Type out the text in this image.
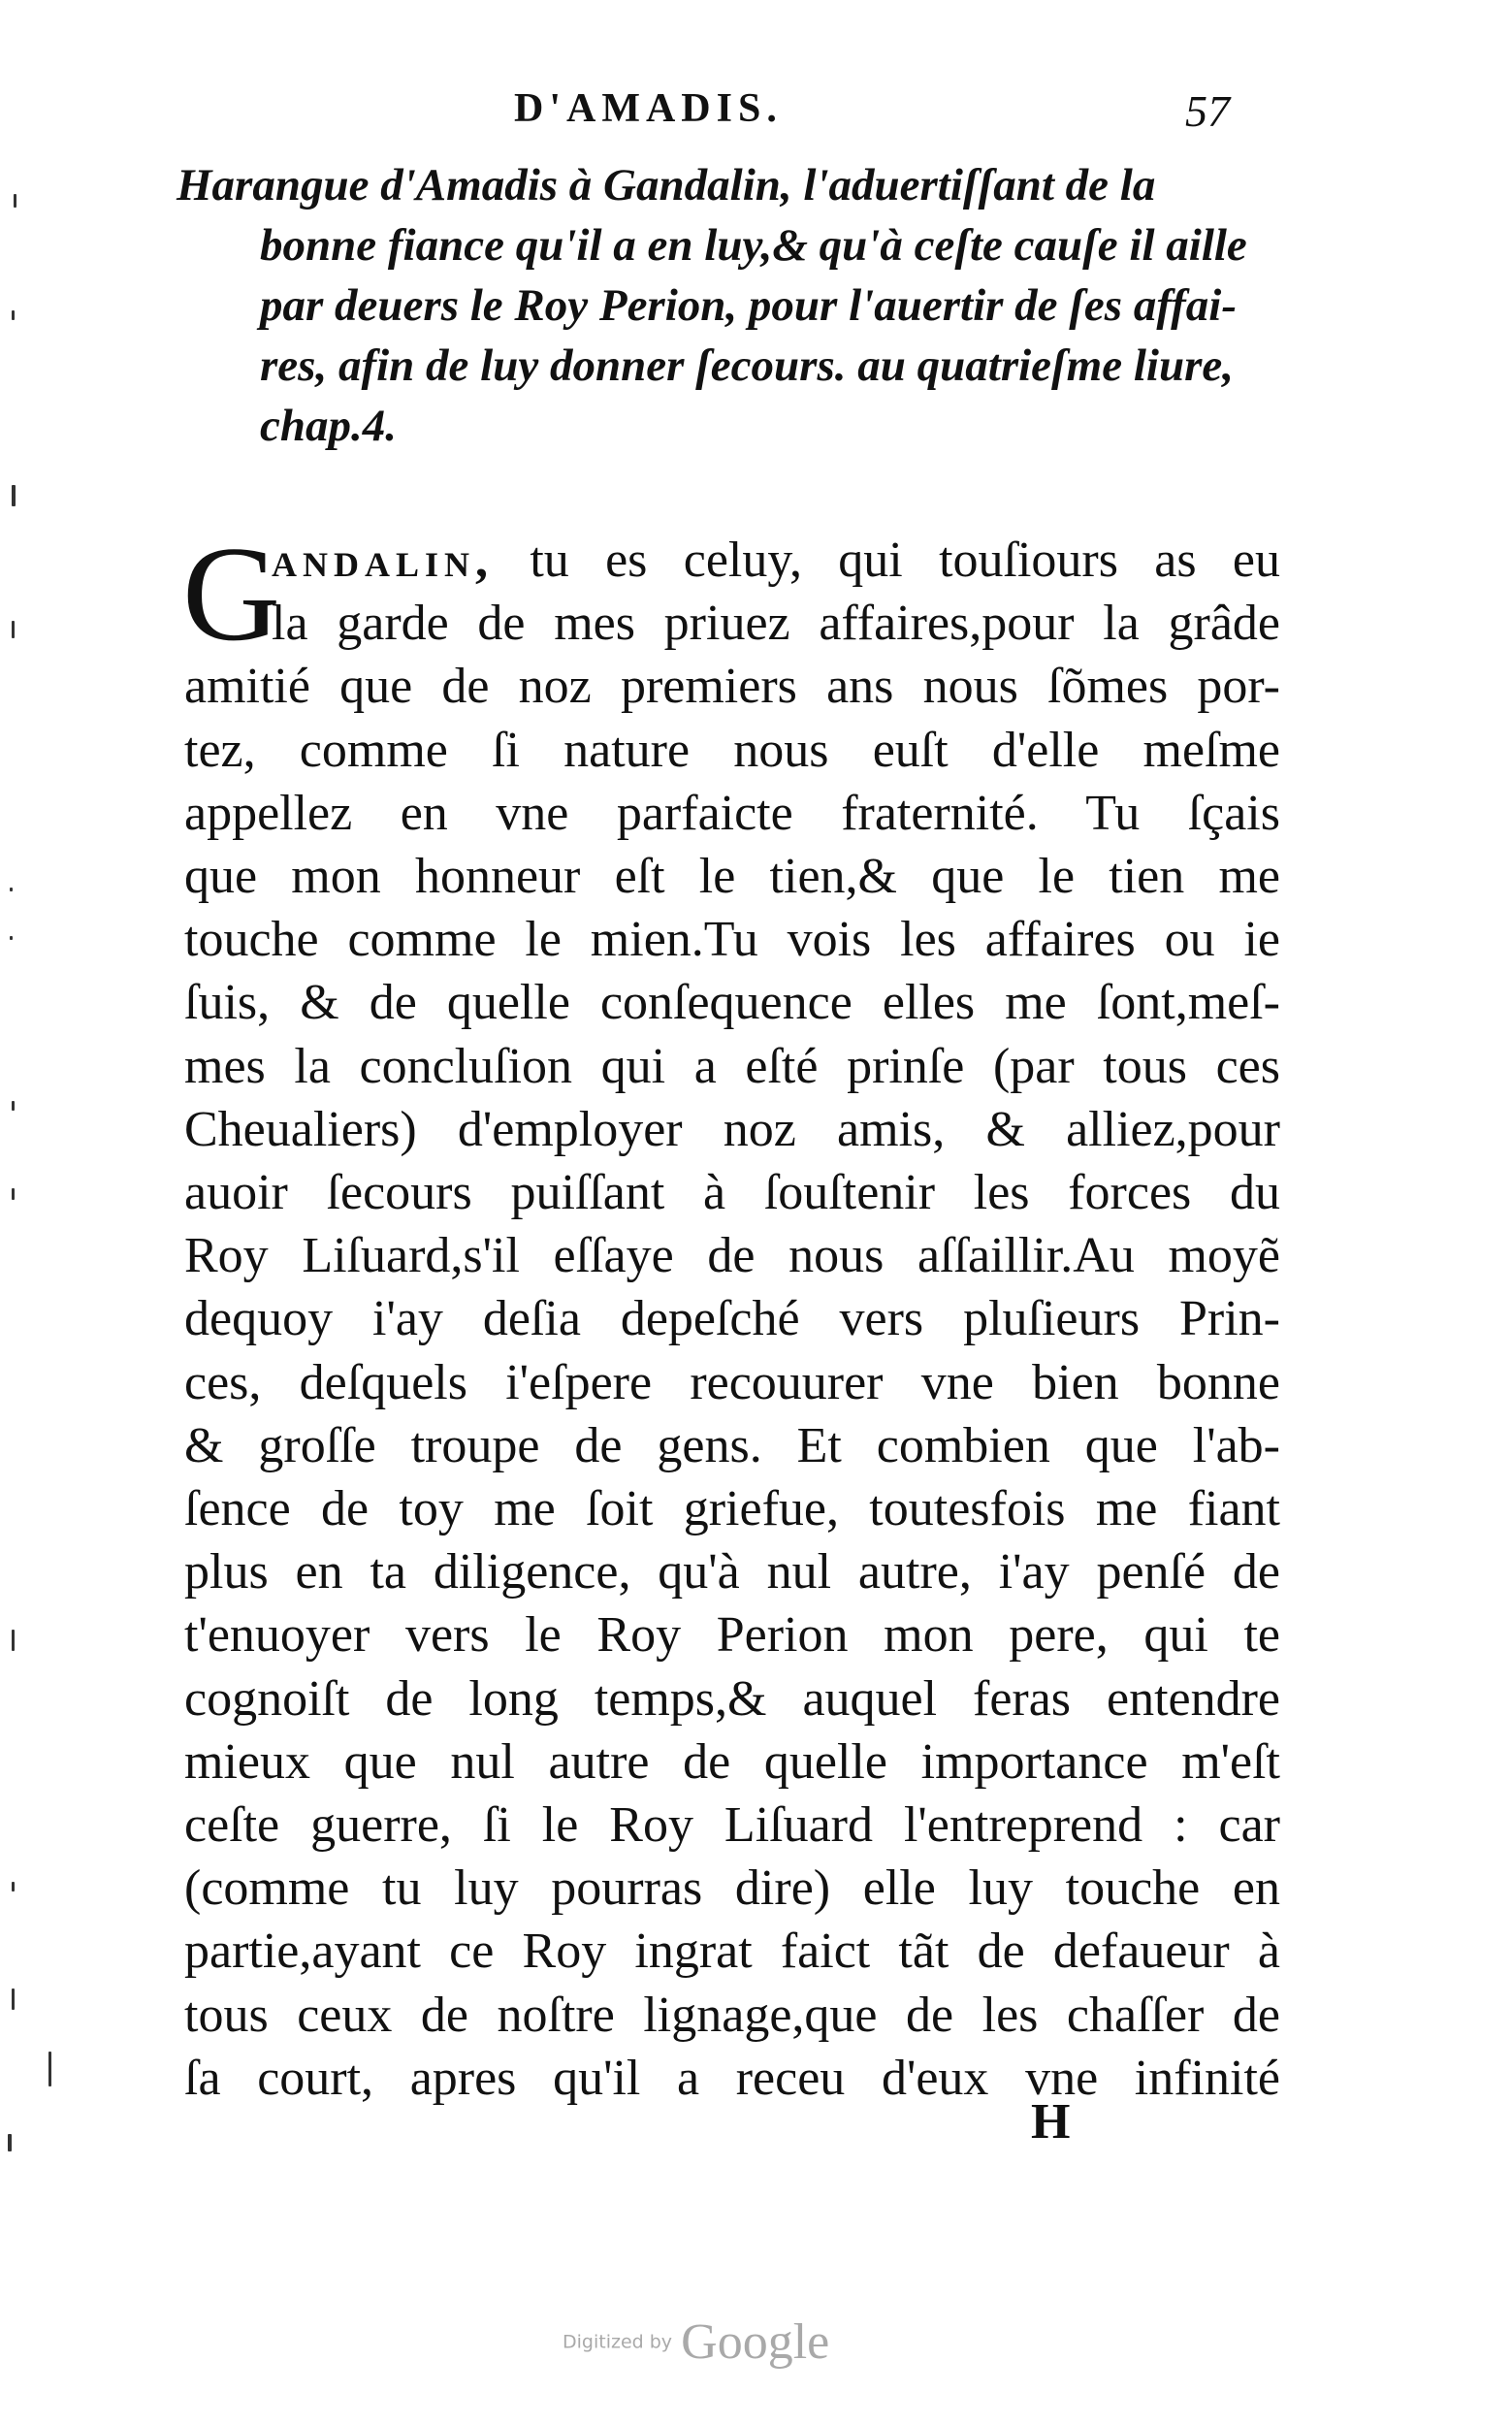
D'AMADIS.	57
Harangue d'Amadis à Gandalin, l'aduertiſſant de la
bonne fiance qu'il a en luy,& qu'à ceſte cauſe il aille
par deuers le Roy Perion, pour l'auertir de ſes affai-
res, afin de luy donner ſecours. au quatrieſme liure,
chap.4.
G
andalin, tu es celuy, qui touſiours as eu
la garde de mes priuez affaires,pour la grâde
amitié que de noz premiers ans nous ſõmes por-
tez, comme ſi nature nous euſt d'elle meſme
appellez en vne parfaicte fraternité. Tu ſçais
que mon honneur eſt le tien,& que le tien me
touche comme le mien.Tu vois les affaires ou ie
ſuis, & de quelle conſequence elles me ſont,meſ-
mes la concluſion qui a eſté prinſe (par tous ces
Cheualiers) d'employer noz amis, & alliez,pour
auoir ſecours puiſſant à ſouſtenir les forces du
Roy Liſuard,s'il eſſaye de nous aſſaillir.Au moyẽ
dequoy i'ay deſia depeſché vers pluſieurs Prin-
ces, deſquels i'eſpere recouurer vne bien bonne
& groſſe troupe de gens. Et combien que l'ab-
ſence de toy me ſoit griefue, toutesfois me fiant
plus en ta diligence, qu'à nul autre, i'ay penſé de
t'enuoyer vers le Roy Perion mon pere, qui te
cognoiſt de long temps,& auquel feras entendre
mieux que nul autre de quelle importance m'eſt
ceſte guerre, ſi le Roy Liſuard l'entreprend : car
(comme tu luy pourras dire) elle luy touche en
partie,ayant ce Roy ingrat faict tãt de defaueur à
tous ceux de noſtre lignage,que de les chaſſer de
ſa court, apres qu'il a receu d'eux vne infinité
H
Digitized by Google
